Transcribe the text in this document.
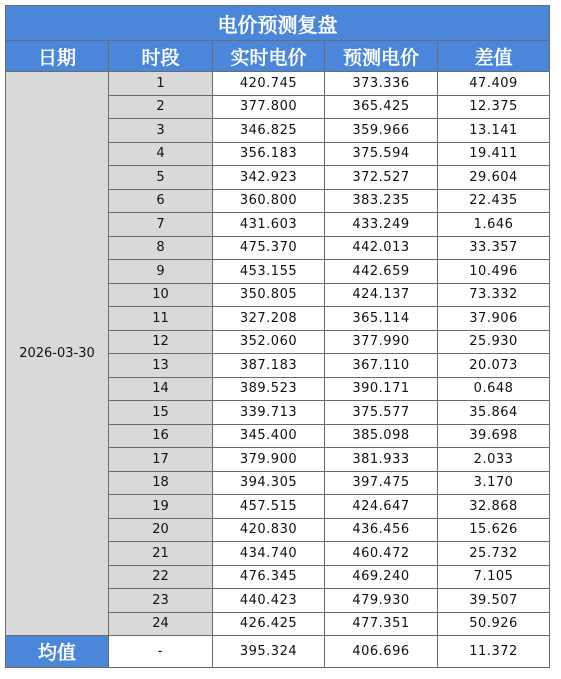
电价预测复盘				
日期	时段	实时电价	预测电价	差值
2026-03-30	1	420.745	373.336	47.409
	2	377.800	365.425	12.375
	3	346.825	359.966	13.141
	4	356.183	375.594	19.411
	5	342.923	372.527	29.604
	6	360.800	383.235	22.435
	7	431.603	433.249	1.646
	8	475.370	442.013	33.357
	9	453.155	442.659	10.496
	10	350.805	424.137	73.332
	11	327.208	365.114	37.906
	12	352.060	377.990	25.930
	13	387.183	367.110	20.073
	14	389.523	390.171	0.648
	15	339.713	375.577	35.864
	16	345.400	385.098	39.698
	17	379.900	381.933	2.033
	18	394.305	397.475	3.170
	19	457.515	424.647	32.868
	20	420.830	436.456	15.626
	21	434.740	460.472	25.732
	22	476.345	469.240	7.105
	23	440.423	479.930	39.507
	24	426.425	477.351	50.926
均值	-	395.324	406.696	11.372
